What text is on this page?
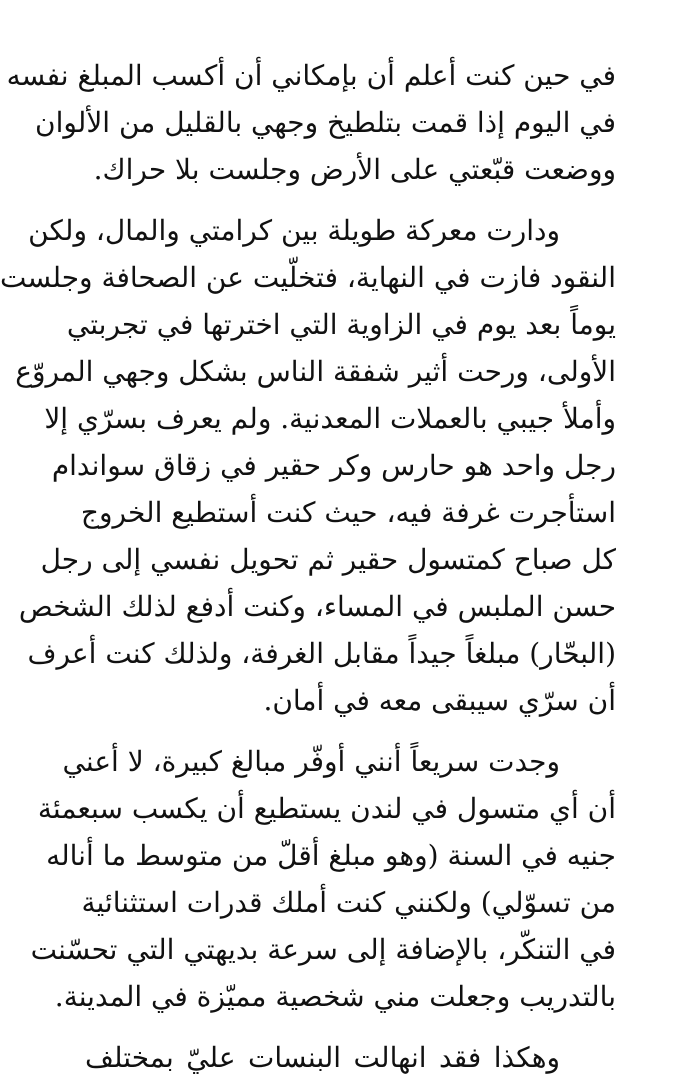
في حين كنت أعلم أن بإمكاني أن أكسب المبلغ نفسه
في اليوم إذا قمت بتلطيخ وجهي بالقليل من الألوان
ووضعت قبّعتي على الأرض وجلست بلا حراك.
ودارت معركة طويلة بين كرامتي والمال، ولكن
النقود فازت في النهاية، فتخلّيت عن الصحافة وجلست
يوماً بعد يوم في الزاوية التي اخترتها في تجربتي
الأولى، ورحت أثير شفقة الناس بشكل وجهي المروّع
وأملأ جيبي بالعملات المعدنية. ولم يعرف بسرّي إلا
رجل واحد هو حارس وكر حقير في زقاق سواندام
استأجرت غرفة فيه، حيث كنت أستطيع الخروج
كل صباح كمتسول حقير ثم تحويل نفسي إلى رجل
حسن الملبس في المساء، وكنت أدفع لذلك الشخص
(البحّار) مبلغاً جيداً مقابل الغرفة، ولذلك كنت أعرف
أن سرّي سيبقى معه في أمان.
وجدت سريعاً أنني أوفّر مبالغ كبيرة، لا أعني
أن أي متسول في لندن يستطيع أن يكسب سبعمئة
جنيه في السنة (وهو مبلغ أقلّ من متوسط ما أناله
من تسوّلي) ولكنني كنت أملك قدرات استثنائية
في التنكّر، بالإضافة إلى سرعة بديهتي التي تحسّنت
بالتدريب وجعلت مني شخصية مميّزة في المدينة.
وهكذا فقد انهالت البنسات عليّ بمختلف
